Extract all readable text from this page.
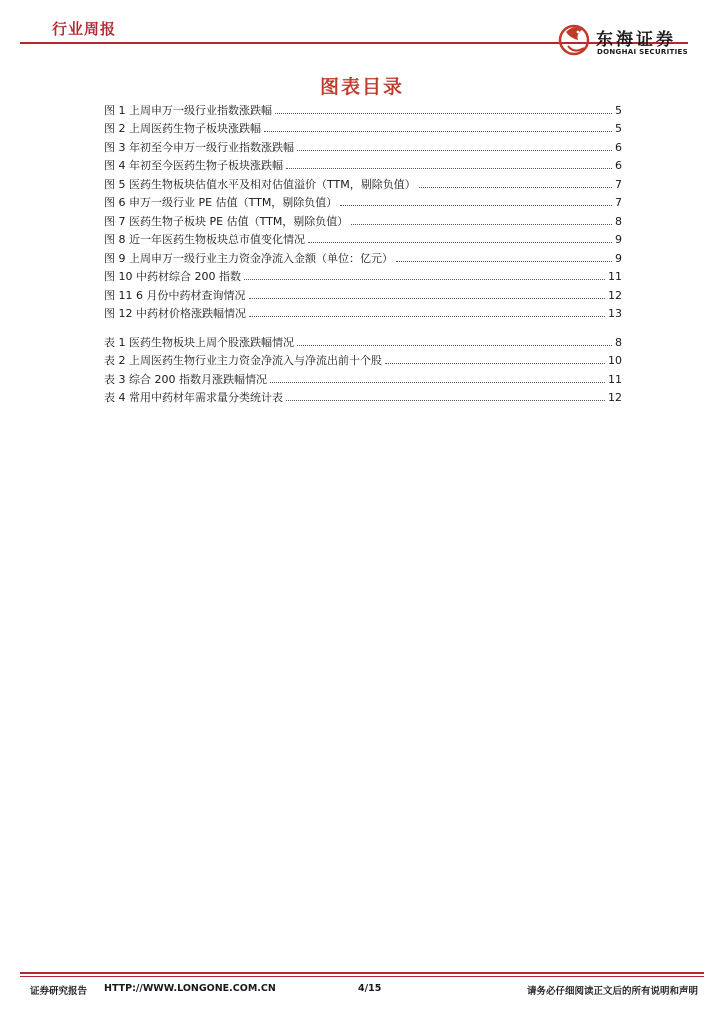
行业周报
东海证券
DONGHAI SECURITIES
图表目录
图 1 上周申万一级行业指数涨跌幅	5
图 2 上周医药生物子板块涨跌幅	5
图 3 年初至今申万一级行业指数涨跌幅	6
图 4 年初至今医药生物子板块涨跌幅	6
图 5 医药生物板块估值水平及相对估值溢价（TTM，剔除负值）	7
图 6 申万一级行业 PE 估值（TTM，剔除负值）	7
图 7 医药生物子板块 PE 估值（TTM，剔除负值）	8
图 8 近一年医药生物板块总市值变化情况	9
图 9 上周申万一级行业主力资金净流入金额（单位：亿元）	9
图 10 中药材综合 200 指数	11
图 11 6 月份中药材查询情况	12
图 12 中药材价格涨跌幅情况	13
表 1 医药生物板块上周个股涨跌幅情况	8
表 2 上周医药生物行业主力资金净流入与净流出前十个股	10
表 3 综合 200 指数月涨跌幅情况	11
表 4 常用中药材年需求量分类统计表	12
证券研究报告 HTTP://WWW.LONGONE.COM.CN	4/15	请务必仔细阅读正文后的所有说明和声明
